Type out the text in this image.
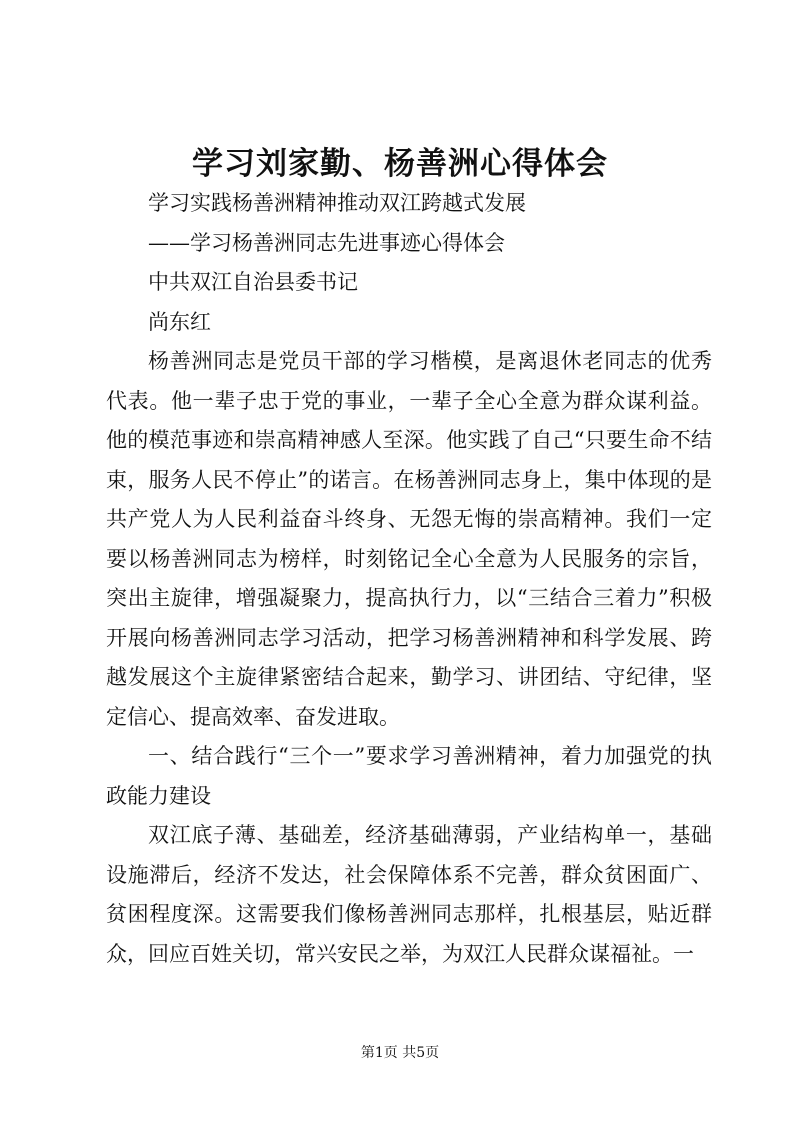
学习刘家勤、杨善洲心得体会

学习实践杨善洲精神推动双江跨越式发展

——学习杨善洲同志先进事迹心得体会

中共双江自治县委书记

尚东红

杨善洲同志是党员干部的学习楷模，是离退休老同志的优秀代表。他一辈子忠于党的事业，一辈子全心全意为群众谋利益。他的模范事迹和崇高精神感人至深。他实践了自己“只要生命不结束，服务人民不停止”的诺言。在杨善洲同志身上，集中体现的是共产党人为人民利益奋斗终身、无怨无悔的崇高精神。我们一定要以杨善洲同志为榜样，时刻铭记全心全意为人民服务的宗旨，突出主旋律，增强凝聚力，提高执行力，以“三结合三着力”积极开展向杨善洲同志学习活动，把学习杨善洲精神和科学发展、跨越发展这个主旋律紧密结合起来，勤学习、讲团结、守纪律，坚定信心、提高效率、奋发进取。

一、结合践行“三个一”要求学习善洲精神，着力加强党的执政能力建设

双江底子薄、基础差，经济基础薄弱，产业结构单一，基础设施滞后，经济不发达，社会保障体系不完善，群众贫困面广、贫困程度深。这需要我们像杨善洲同志那样，扎根基层，贴近群众，回应百姓关切，常兴安民之举，为双江人民群众谋福祉。一

第1页 共5页
